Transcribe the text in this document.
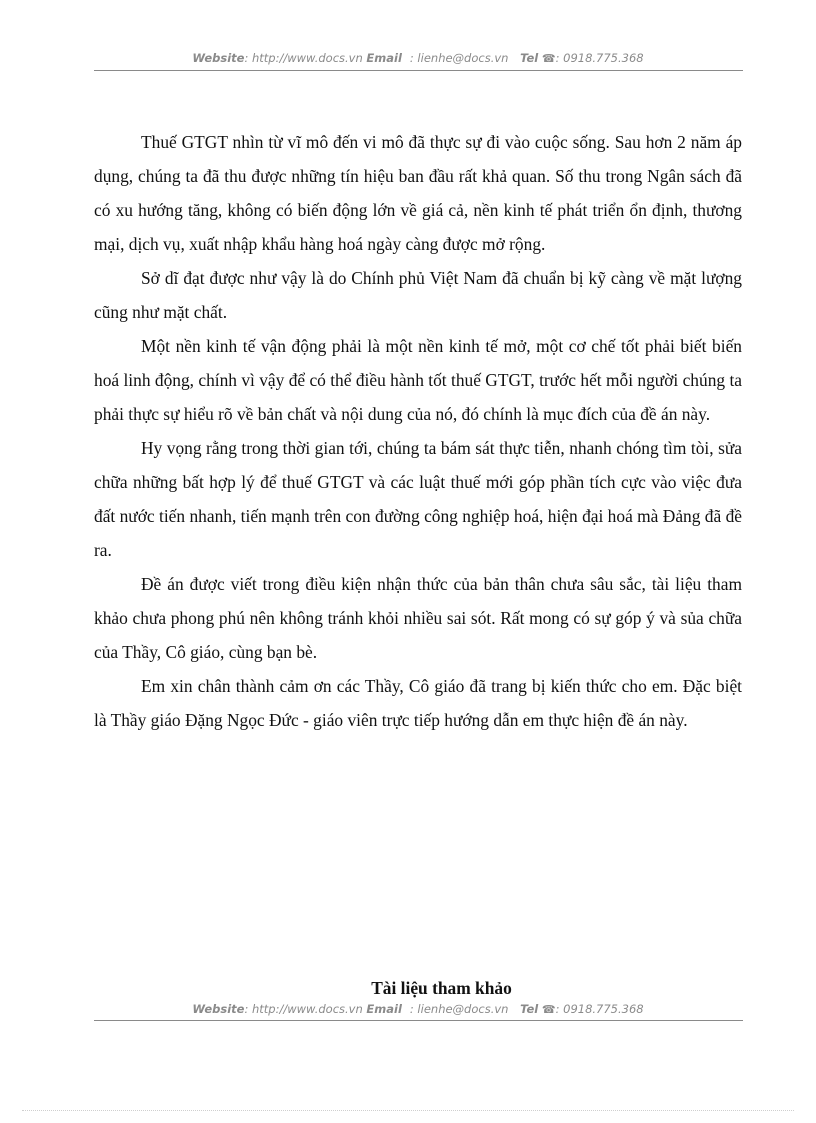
Website: http://www.docs.vn Email : lienhe@docs.vn Tel ☎: 0918.775.368

Thuế GTGT nhìn từ vĩ mô đến vi mô đã thực sự đi vào cuộc sống. Sau hơn 2 năm áp dụng, chúng ta đã thu được những tín hiệu ban đầu rất khả quan. Số thu trong Ngân sách đã có xu hướng tăng, không có biến động lớn về giá cả, nền kinh tế phát triển ổn định, thương mại, dịch vụ, xuất nhập khẩu hàng hoá ngày càng được mở rộng.

Sở dĩ đạt được như vậy là do Chính phủ Việt Nam đã chuẩn bị kỹ càng về mặt lượng cũng như mặt chất.

Một nền kinh tế vận động phải là một nền kinh tế mở, một cơ chế tốt phải biết biến hoá linh động, chính vì vậy để có thể điều hành tốt thuế GTGT, trước hết mỗi người chúng ta phải thực sự hiểu rõ về bản chất và nội dung của nó, đó chính là mục đích của đề án này.

Hy vọng rằng trong thời gian tới, chúng ta bám sát thực tiễn, nhanh chóng tìm tòi, sửa chữa những bất hợp lý để thuế GTGT và các luật thuế mới góp phần tích cực vào việc đưa đất nước tiến nhanh, tiến mạnh trên con đường công nghiệp hoá, hiện đại hoá mà Đảng đã đề ra.

Đề án được viết trong điều kiện nhận thức của bản thân chưa sâu sắc, tài liệu tham khảo chưa phong phú nên không tránh khỏi nhiều sai sót. Rất mong có sự góp ý và sủa chữa của Thầy, Cô giáo, cùng bạn bè.

Em xin chân thành cảm ơn các Thầy, Cô giáo đã trang bị kiến thức cho em. Đặc biệt là Thầy giáo Đặng Ngọc Đức - giáo viên trực tiếp hướng dẫn em thực hiện đề án này.

Tài liệu tham khảo
Website: http://www.docs.vn Email : lienhe@docs.vn Tel ☎: 0918.775.368
